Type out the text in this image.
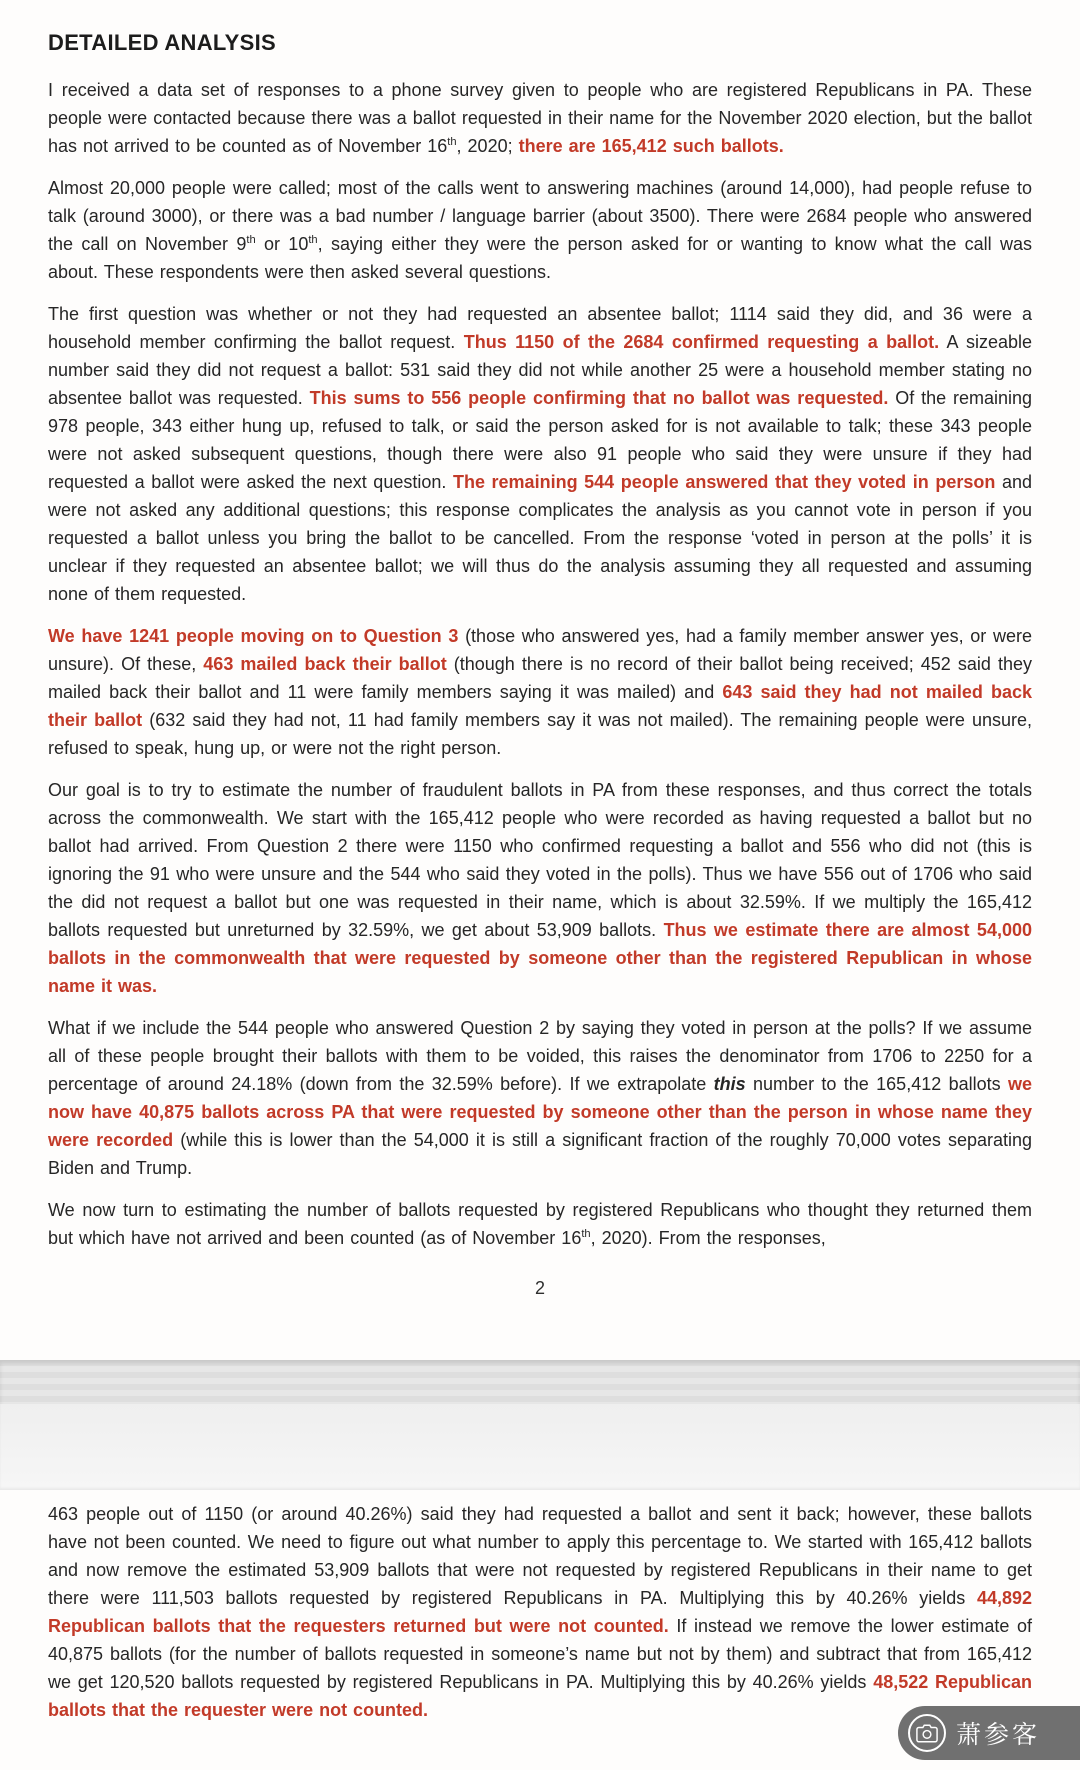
DETAILED ANALYSIS

I received a data set of responses to a phone survey given to people who are registered Republicans in PA. These people were contacted because there was a ballot requested in their name for the November 2020 election, but the ballot has not arrived to be counted as of November 16th, 2020; there are 165,412 such ballots.

Almost 20,000 people were called; most of the calls went to answering machines (around 14,000), had people refuse to talk (around 3000), or there was a bad number / language barrier (about 3500). There were 2684 people who answered the call on November 9th or 10th, saying either they were the person asked for or wanting to know what the call was about. These respondents were then asked several questions.

The first question was whether or not they had requested an absentee ballot; 1114 said they did, and 36 were a household member confirming the ballot request. Thus 1150 of the 2684 confirmed requesting a ballot. A sizeable number said they did not request a ballot: 531 said they did not while another 25 were a household member stating no absentee ballot was requested. This sums to 556 people confirming that no ballot was requested. Of the remaining 978 people, 343 either hung up, refused to talk, or said the person asked for is not available to talk; these 343 people were not asked subsequent questions, though there were also 91 people who said they were unsure if they had requested a ballot were asked the next question. The remaining 544 people answered that they voted in person and were not asked any additional questions; this response complicates the analysis as you cannot vote in person if you requested a ballot unless you bring the ballot to be cancelled. From the response ‘voted in person at the polls’ it is unclear if they requested an absentee ballot; we will thus do the analysis assuming they all requested and assuming none of them requested.

We have 1241 people moving on to Question 3 (those who answered yes, had a family member answer yes, or were unsure). Of these, 463 mailed back their ballot (though there is no record of their ballot being received; 452 said they mailed back their ballot and 11 were family members saying it was mailed) and 643 said they had not mailed back their ballot (632 said they had not, 11 had family members say it was not mailed). The remaining people were unsure, refused to speak, hung up, or were not the right person.

Our goal is to try to estimate the number of fraudulent ballots in PA from these responses, and thus correct the totals across the commonwealth. We start with the 165,412 people who were recorded as having requested a ballot but no ballot had arrived. From Question 2 there were 1150 who confirmed requesting a ballot and 556 who did not (this is ignoring the 91 who were unsure and the 544 who said they voted in the polls). Thus we have 556 out of 1706 who said the did not request a ballot but one was requested in their name, which is about 32.59%. If we multiply the 165,412 ballots requested but unreturned by 32.59%, we get about 53,909 ballots. Thus we estimate there are almost 54,000 ballots in the commonwealth that were requested by someone other than the registered Republican in whose name it was.

What if we include the 544 people who answered Question 2 by saying they voted in person at the polls? If we assume all of these people brought their ballots with them to be voided, this raises the denominator from 1706 to 2250 for a percentage of around 24.18% (down from the 32.59% before). If we extrapolate this number to the 165,412 ballots we now have 40,875 ballots across PA that were requested by someone other than the person in whose name they were recorded (while this is lower than the 54,000 it is still a significant fraction of the roughly 70,000 votes separating Biden and Trump.

We now turn to estimating the number of ballots requested by registered Republicans who thought they returned them but which have not arrived and been counted (as of November 16th, 2020). From the responses,

2

463 people out of 1150 (or around 40.26%) said they had requested a ballot and sent it back; however, these ballots have not been counted. We need to figure out what number to apply this percentage to. We started with 165,412 ballots and now remove the estimated 53,909 ballots that were not requested by registered Republicans in their name to get there were 111,503 ballots requested by registered Republicans in PA. Multiplying this by 40.26% yields 44,892 Republican ballots that the requesters returned but were not counted. If instead we remove the lower estimate of 40,875 ballots (for the number of ballots requested in someone’s name but not by them) and subtract that from 165,412 we get 120,520 ballots requested by registered Republicans in PA. Multiplying this by 40.26% yields 48,522 Republican ballots that the requester were not counted.

萧参客
